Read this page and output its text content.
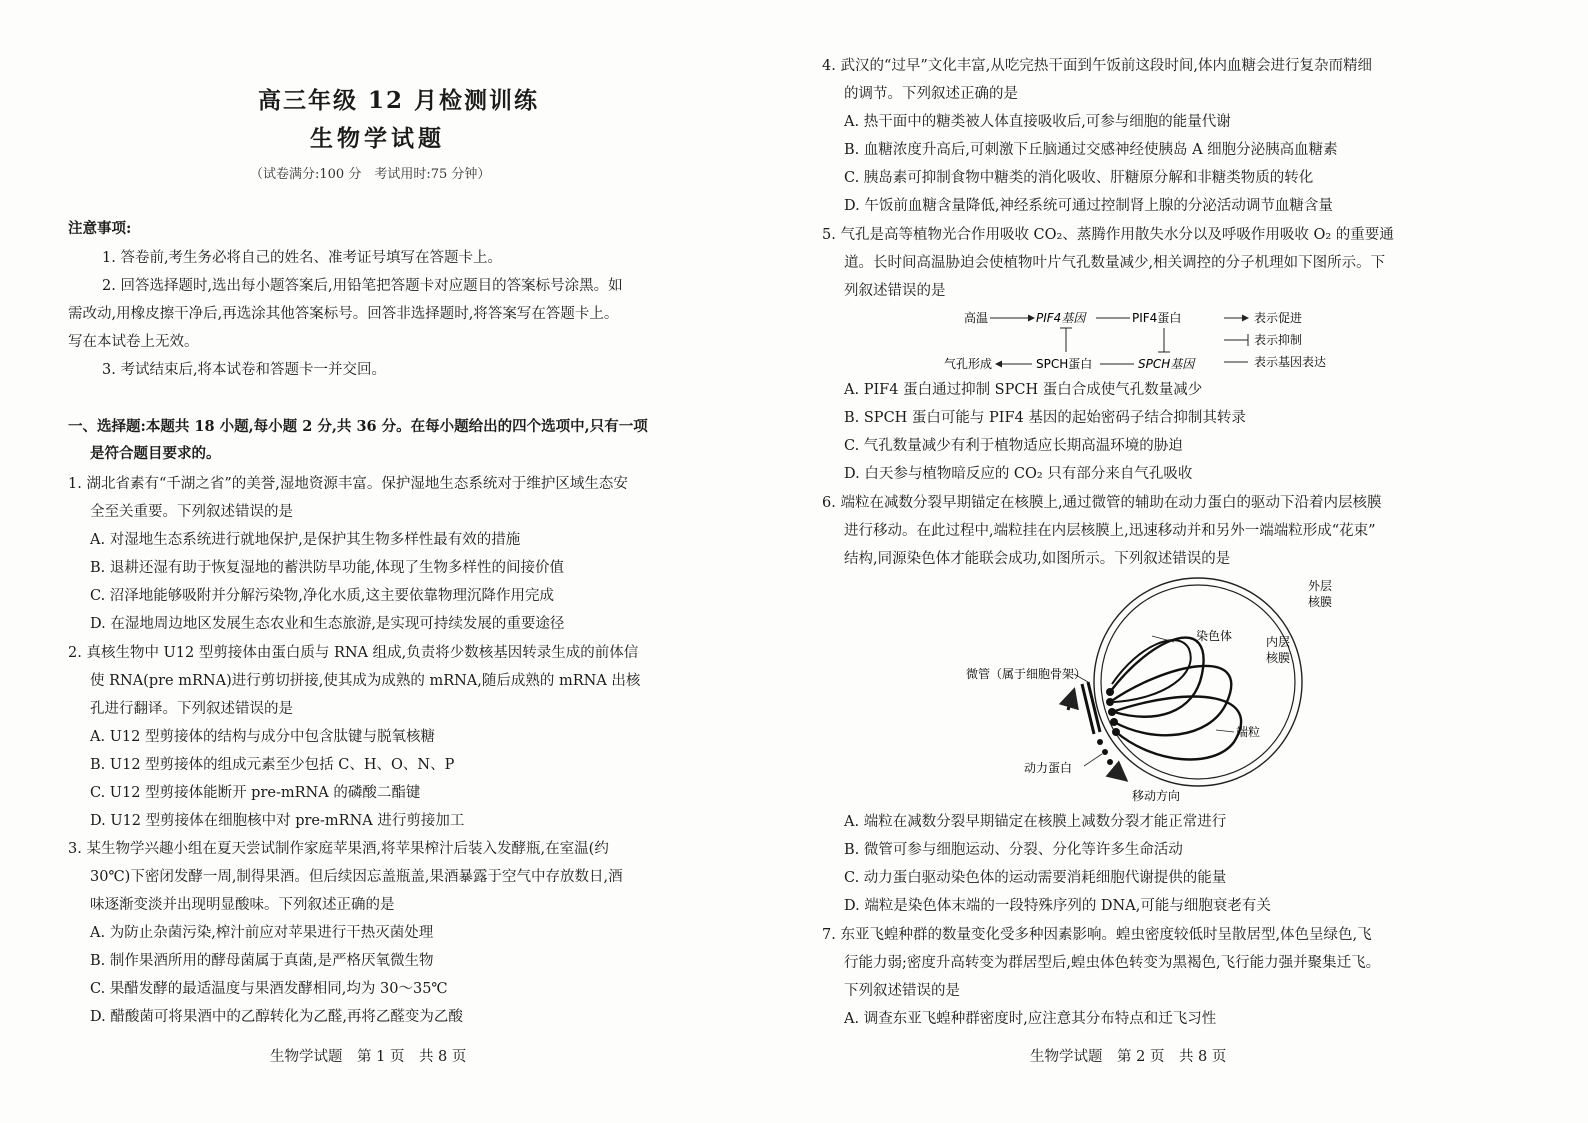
高三年级 12 月检测训练
生物学试题
（试卷满分:100 分　考试用时:75 分钟）
注意事项:
1. 答卷前,考生务必将自己的姓名、准考证号填写在答题卡上。
2. 回答选择题时,选出每小题答案后,用铅笔把答题卡对应题目的答案标号涂黑。如
需改动,用橡皮擦干净后,再选涂其他答案标号。回答非选择题时,将答案写在答题卡上。
写在本试卷上无效。
3. 考试结束后,将本试卷和答题卡一并交回。
一、选择题:本题共 18 小题,每小题 2 分,共 36 分。在每小题给出的四个选项中,只有一项
是符合题目要求的。
1. 湖北省素有“千湖之省”的美誉,湿地资源丰富。保护湿地生态系统对于维护区域生态安
全至关重要。下列叙述错误的是
A. 对湿地生态系统进行就地保护,是保护其生物多样性最有效的措施
B. 退耕还湿有助于恢复湿地的蓄洪防旱功能,体现了生物多样性的间接价值
C. 沼泽地能够吸附并分解污染物,净化水质,这主要依靠物理沉降作用完成
D. 在湿地周边地区发展生态农业和生态旅游,是实现可持续发展的重要途径
2. 真核生物中 U12 型剪接体由蛋白质与 RNA 组成,负责将少数核基因转录生成的前体信
使 RNA(pre mRNA)进行剪切拼接,使其成为成熟的 mRNA,随后成熟的 mRNA 出核
孔进行翻译。下列叙述错误的是
A. U12 型剪接体的结构与成分中包含肽键与脱氧核糖
B. U12 型剪接体的组成元素至少包括 C、H、O、N、P
C. U12 型剪接体能断开 pre-mRNA 的磷酸二酯键
D. U12 型剪接体在细胞核中对 pre-mRNA 进行剪接加工
3. 某生物学兴趣小组在夏天尝试制作家庭苹果酒,将苹果榨汁后装入发酵瓶,在室温(约
30℃)下密闭发酵一周,制得果酒。但后续因忘盖瓶盖,果酒暴露于空气中存放数日,酒
味逐渐变淡并出现明显酸味。下列叙述正确的是
A. 为防止杂菌污染,榨汁前应对苹果进行干热灭菌处理
B. 制作果酒所用的酵母菌属于真菌,是严格厌氧微生物
C. 果醋发酵的最适温度与果酒发酵相同,均为 30～35℃
D. 醋酸菌可将果酒中的乙醇转化为乙醛,再将乙醛变为乙酸
生物学试题　第 1 页　共 8 页
4. 武汉的“过早”文化丰富,从吃完热干面到午饭前这段时间,体内血糖会进行复杂而精细
的调节。下列叙述正确的是
A. 热干面中的糖类被人体直接吸收后,可参与细胞的能量代谢
B. 血糖浓度升高后,可刺激下丘脑通过交感神经使胰岛 A 细胞分泌胰高血糖素
C. 胰岛素可抑制食物中糖类的消化吸收、肝糖原分解和非糖类物质的转化
D. 午饭前血糖含量降低,神经系统可通过控制肾上腺的分泌活动调节血糖含量
5. 气孔是高等植物光合作用吸收 CO₂、蒸腾作用散失水分以及呼吸作用吸收 O₂ 的重要通
道。长时间高温胁迫会使植物叶片气孔数量减少,相关调控的分子机理如下图所示。下
列叙述错误的是
高温	PIF4基因	PIF4蛋白
气孔形成	SPCH蛋白	SPCH基因
表示促进
表示抑制
表示基因表达
A. PIF4 蛋白通过抑制 SPCH 蛋白合成使气孔数量减少
B. SPCH 蛋白可能与 PIF4 基因的起始密码子结合抑制其转录
C. 气孔数量减少有利于植物适应长期高温环境的胁迫
D. 白天参与植物暗反应的 CO₂ 只有部分来自气孔吸收
6. 端粒在减数分裂早期锚定在核膜上,通过微管的辅助在动力蛋白的驱动下沿着内层核膜
进行移动。在此过程中,端粒挂在内层核膜上,迅速移动并和另外一端端粒形成“花束”
结构,同源染色体才能联会成功,如图所示。下列叙述错误的是
外层
核膜
染色体	内层
核膜
微管（属于细胞骨架）
端粒
动力蛋白
移动方向
A. 端粒在减数分裂早期锚定在核膜上减数分裂才能正常进行
B. 微管可参与细胞运动、分裂、分化等许多生命活动
C. 动力蛋白驱动染色体的运动需要消耗细胞代谢提供的能量
D. 端粒是染色体末端的一段特殊序列的 DNA,可能与细胞衰老有关
7. 东亚飞蝗种群的数量变化受多种因素影响。蝗虫密度较低时呈散居型,体色呈绿色,飞
行能力弱;密度升高转变为群居型后,蝗虫体色转变为黑褐色,飞行能力强并聚集迁飞。
下列叙述错误的是
A. 调查东亚飞蝗种群密度时,应注意其分布特点和迁飞习性
生物学试题　第 2 页　共 8 页
